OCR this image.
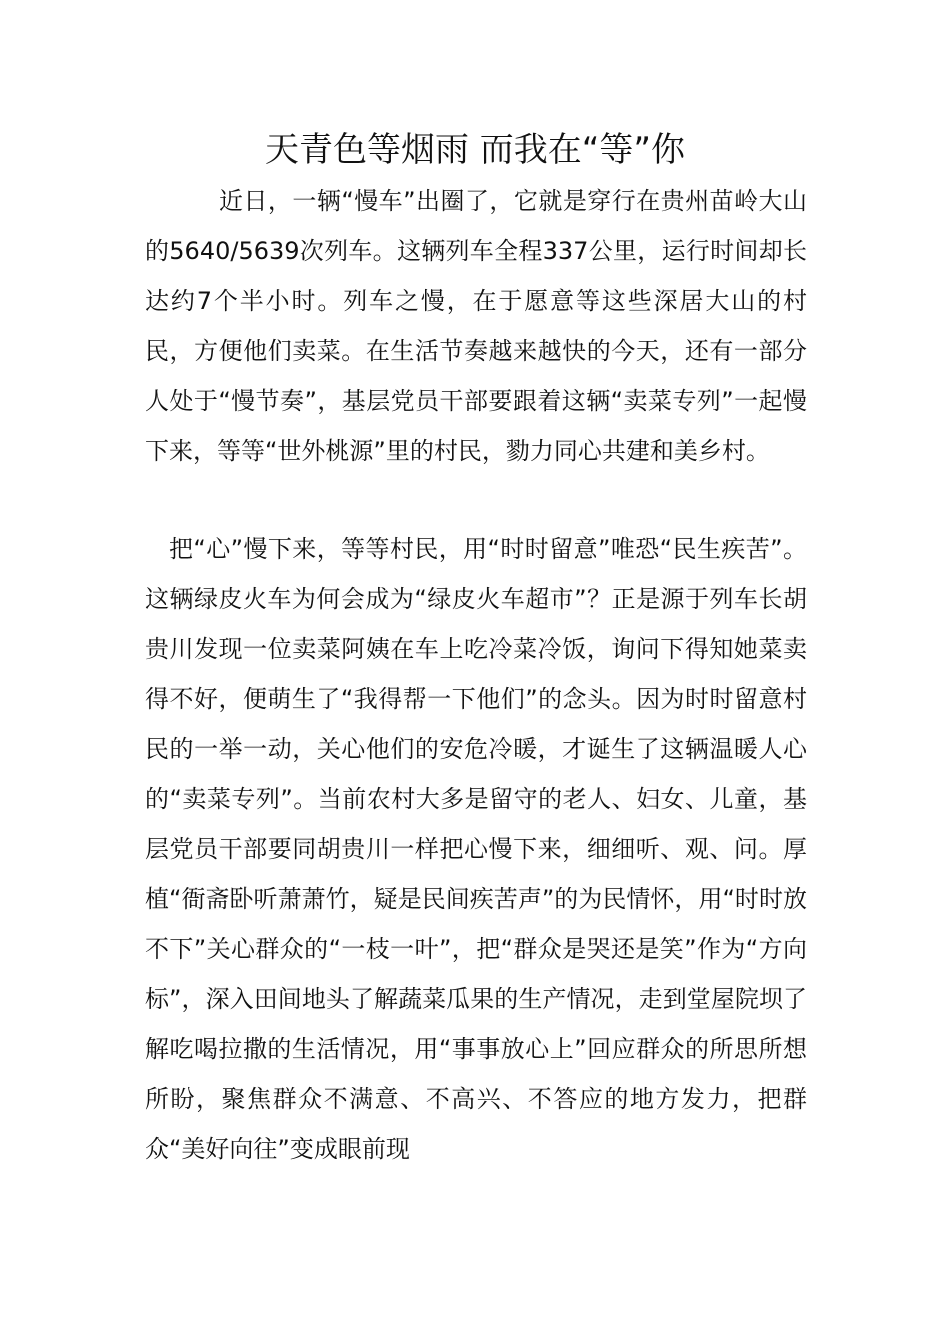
天青色等烟雨 而我在“等”你

近日，一辆“慢车”出圈了，它就是穿行在贵州苗岭大山的5640/5639次列车。这辆列车全程337公里，运行时间却长达约7个半小时。列车之慢，在于愿意等这些深居大山的村民，方便他们卖菜。在生活节奏越来越快的今天，还有一部分人处于“慢节奏”，基层党员干部要跟着这辆“卖菜专列”一起慢下来，等等“世外桃源”里的村民，勠力同心共建和美乡村。

把“心”慢下来，等等村民，用“时时留意”唯恐“民生疾苦”。这辆绿皮火车为何会成为“绿皮火车超市”？正是源于列车长胡贵川发现一位卖菜阿姨在车上吃冷菜冷饭，询问下得知她菜卖得不好，便萌生了“我得帮一下他们”的念头。因为时时留意村民的一举一动，关心他们的安危冷暖，才诞生了这辆温暖人心的“卖菜专列”。当前农村大多是留守的老人、妇女、儿童，基层党员干部要同胡贵川一样把心慢下来，细细听、观、问。厚植“衙斋卧听萧萧竹，疑是民间疾苦声”的为民情怀，用“时时放不下”关心群众的“一枝一叶”，把“群众是哭还是笑”作为“方向标”，深入田间地头了解蔬菜瓜果的生产情况，走到堂屋院坝了解吃喝拉撒的生活情况，用“事事放心上”回应群众的所思所想所盼，聚焦群众不满意、不高兴、不答应的地方发力，把群众“美好向往”变成眼前现
